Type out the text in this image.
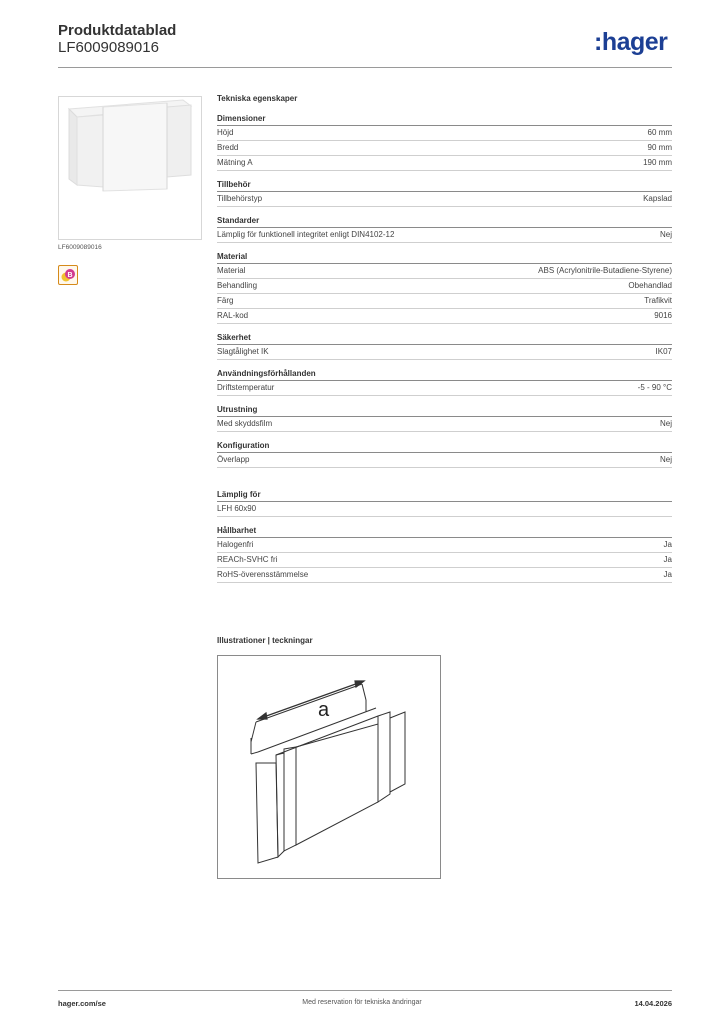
Produktdatablad
LF6009089016	:hager
LF6009089016
B
Tekniska egenskaper
Dimensioner
Höjd	60 mm
Bredd	90 mm
Mätning A	190 mm
Tillbehör
Tillbehörstyp	Kapslad
Standarder
Lämplig för funktionell integritet enligt DIN4102-12	Nej
Material
Material	ABS (Acrylonitrile-Butadiene-Styrene)
Behandling	Obehandlad
Färg	Trafikvit
RAL-kod	9016
Säkerhet
Slagtålighet IK	IK07
Användningsförhållanden
Driftstemperatur	-5 - 90 °C
Utrustning
Med skyddsfilm	Nej
Konfiguration
Överlapp	Nej
Lämplig för
LFH 60x90
Hållbarhet
Halogenfri	Ja
REACh-SVHC fri	Ja
RoHS-överensstämmelse	Ja
Illustrationer | teckningar
a
hager.com/se	Med reservation för tekniska ändringar	14.04.2026
